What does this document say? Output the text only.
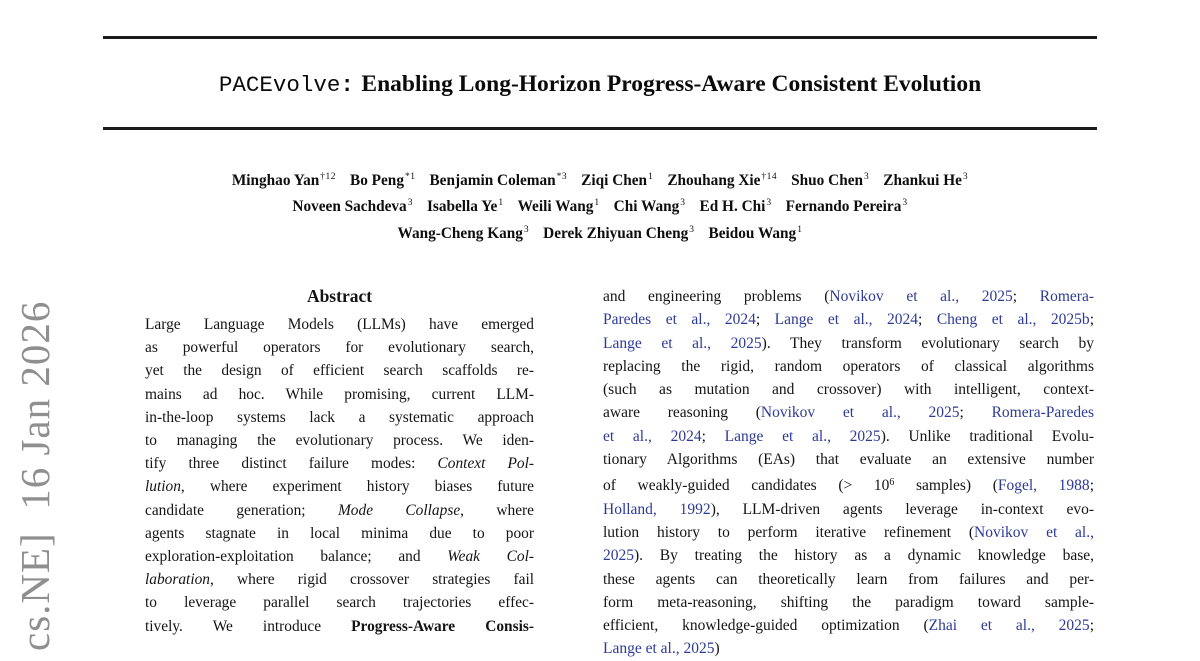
cs.NE]  16 Jan 2026
PACEvolve: Enabling Long-Horizon Progress-Aware Consistent Evolution
Minghao Yan$^{\dagger 12}$ Bo Peng$^{*1}$ Benjamin Coleman$^{*3}$ Ziqi Chen$^1$ Zhouhang Xie$^{\dagger 14}$ Shuo Chen$^3$ Zhankui He$^3$
Noveen Sachdeva$^3$ Isabella Ye$^1$ Weili Wang$^1$ Chi Wang$^3$ Ed H. Chi$^3$ Fernando Pereira$^3$
Wang-Cheng Kang$^3$ Derek Zhiyuan Cheng$^3$ Beidou Wang$^1$
Abstract
Large Language Models (LLMs) have emerged
as powerful operators for evolutionary search,
yet the design of efficient search scaffolds re-
mains ad hoc. While promising, current LLM-
in-the-loop systems lack a systematic approach
to managing the evolutionary process. We iden-
tify three distinct failure modes: Context Pol-
lution, where experiment history biases future
candidate generation; Mode Collapse, where
agents stagnate in local minima due to poor
exploration-exploitation balance; and Weak Col-
laboration, where rigid crossover strategies fail
to leverage parallel search trajectories effec-
tively. We introduce Progress-Aware Consis-
and engineering problems (Novikov et al., 2025; Romera-
Paredes et al., 2024; Lange et al., 2024; Cheng et al., 2025b;
Lange et al., 2025). They transform evolutionary search by
replacing the rigid, random operators of classical algorithms
(such as mutation and crossover) with intelligent, context-
aware reasoning (Novikov et al., 2025; Romera-Paredes
et al., 2024; Lange et al., 2025). Unlike traditional Evolu-
tionary Algorithms (EAs) that evaluate an extensive number
of weakly-guided candidates (> $10^6$ samples) (Fogel, 1988;
Holland, 1992), LLM-driven agents leverage in-context evo-
lution history to perform iterative refinement (Novikov et al.,
2025). By treating the history as a dynamic knowledge base,
these agents can theoretically learn from failures and per-
form meta-reasoning, shifting the paradigm toward sample-
efficient, knowledge-guided optimization (Zhai et al., 2025;
Lange et al., 2025)
